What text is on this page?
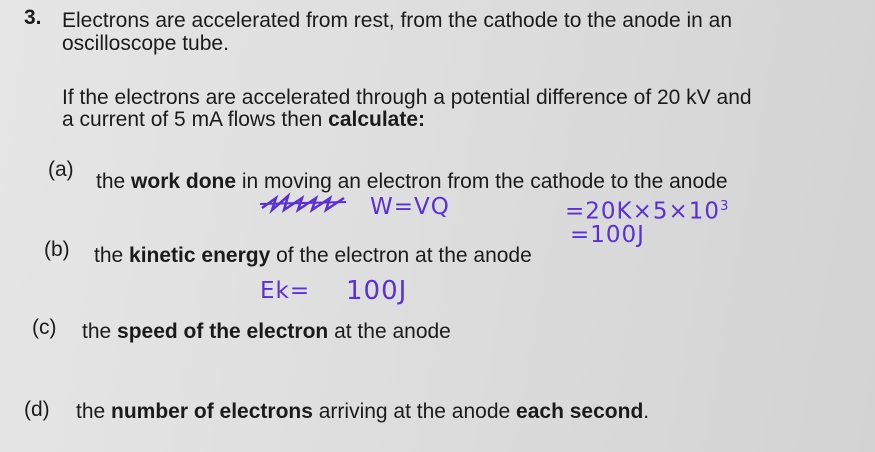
3. Electrons are accelerated from rest, from the cathode to the anode in an
oscilloscope tube.
If the electrons are accelerated through a potential difference of 20 kV and
a current of 5 mA flows then calculate:
(a)
the work done in moving an electron from the cathode to the anode
W=VQ	$=20K\times 5\times 10^3$
=100J
(b) the kinetic energy of the electron at the anode
Ek= 100J
(c) the speed of the electron at the anode
(d) the number of electrons arriving at the anode each second.
